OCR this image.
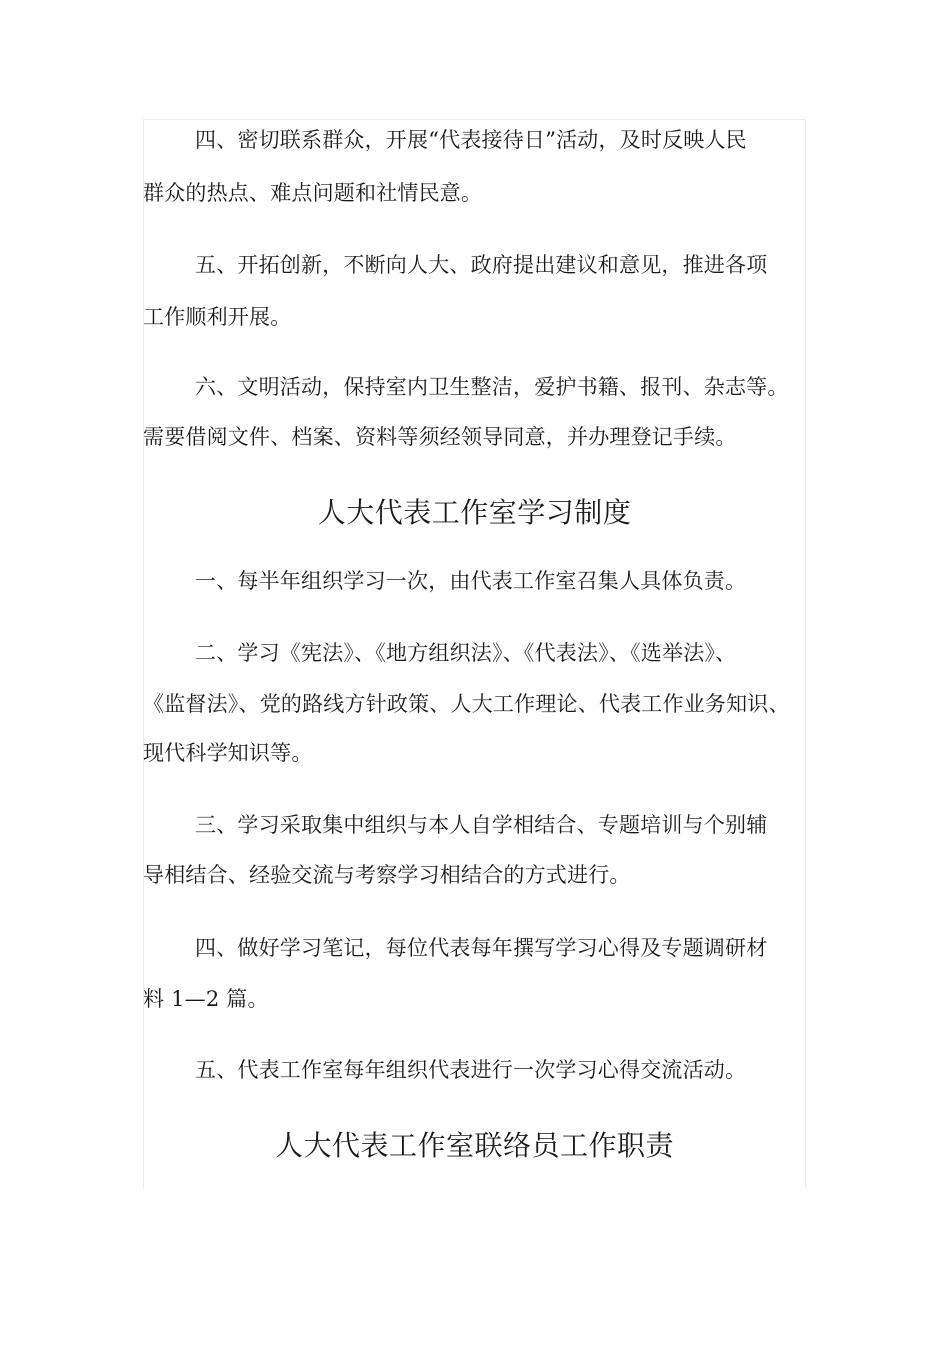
四、密切联系群众，开展“代表接待日”活动，及时反映人民
群众的热点、难点问题和社情民意。
五、开拓创新，不断向人大、政府提出建议和意见，推进各项
工作顺利开展。
六、文明活动，保持室内卫生整洁，爱护书籍、报刊、杂志等。
需要借阅文件、档案、资料等须经领导同意，并办理登记手续。
人大代表工作室学习制度
一、每半年组织学习一次，由代表工作室召集人具体负责。
二、学习《宪法》、《地方组织法》、《代表法》、《选举法》、
《监督法》、党的路线方针政策、人大工作理论、代表工作业务知识、
现代科学知识等。
三、学习采取集中组织与本人自学相结合、专题培训与个别辅
导相结合、经验交流与考察学习相结合的方式进行。
四、做好学习笔记，每位代表每年撰写学习心得及专题调研材
料 1—2 篇。
五、代表工作室每年组织代表进行一次学习心得交流活动。
人大代表工作室联络员工作职责
